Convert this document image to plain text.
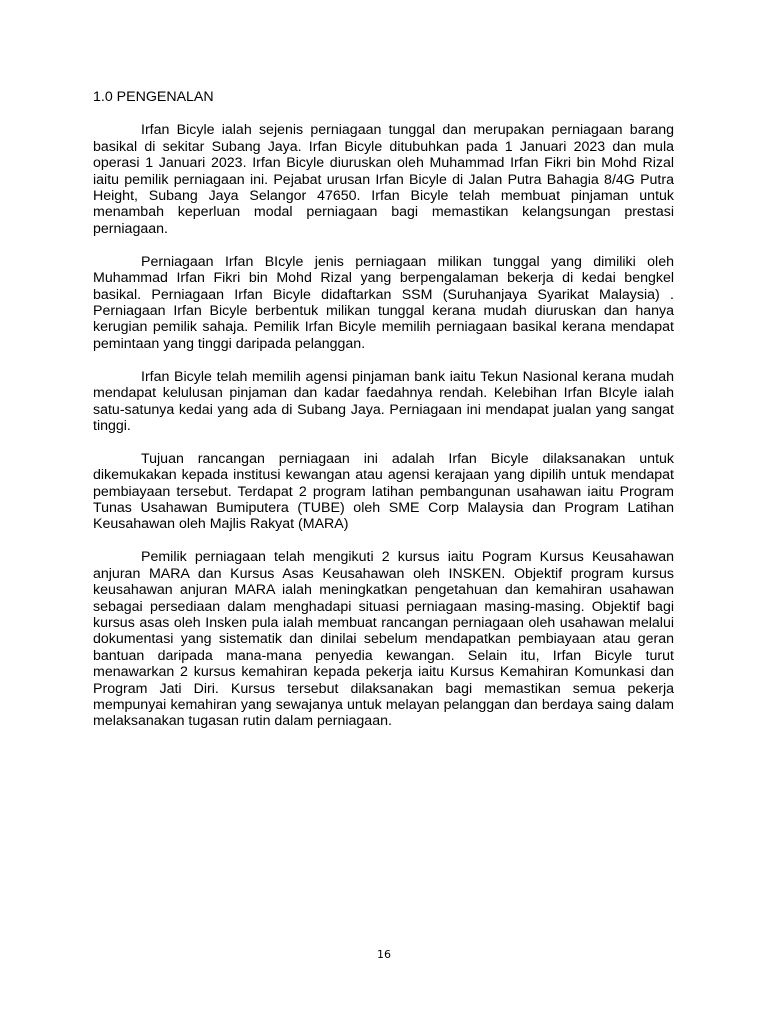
1.0 PENGENALAN

Irfan Bicyle ialah sejenis perniagaan tunggal dan merupakan perniagaan barang basikal di sekitar Subang Jaya. Irfan Bicyle ditubuhkan pada 1 Januari 2023 dan mula operasi 1 Januari 2023. Irfan Bicyle diuruskan oleh Muhammad Irfan Fikri bin Mohd Rizal iaitu pemilik perniagaan ini. Pejabat urusan Irfan Bicyle di Jalan Putra Bahagia 8/4G Putra Height, Subang Jaya Selangor 47650. Irfan Bicyle telah membuat pinjaman untuk menambah keperluan modal perniagaan bagi memastikan kelangsungan prestasi perniagaan.

Perniagaan Irfan BIcyle jenis perniagaan milikan tunggal yang dimiliki oleh Muhammad Irfan Fikri bin Mohd Rizal yang berpengalaman bekerja di kedai bengkel basikal. Perniagaan Irfan Bicyle didaftarkan SSM (Suruhanjaya Syarikat Malaysia) . Perniagaan Irfan Bicyle berbentuk milikan tunggal kerana mudah diuruskan dan hanya kerugian pemilik sahaja. Pemilik Irfan Bicyle memilih perniagaan basikal kerana mendapat pemintaan yang tinggi daripada pelanggan.

Irfan Bicyle telah memilih agensi pinjaman bank iaitu Tekun Nasional kerana mudah mendapat kelulusan pinjaman dan kadar faedahnya rendah. Kelebihan Irfan BIcyle ialah satu-satunya kedai yang ada di Subang Jaya. Perniagaan ini mendapat jualan yang sangat tinggi.

Tujuan rancangan perniagaan ini adalah Irfan Bicyle dilaksanakan untuk dikemukakan kepada institusi kewangan atau agensi kerajaan yang dipilih untuk mendapat pembiayaan tersebut. Terdapat 2 program latihan pembangunan usahawan iaitu Program Tunas Usahawan Bumiputera (TUBE) oleh SME Corp Malaysia dan Program Latihan Keusahawan oleh Majlis Rakyat (MARA)

Pemilik perniagaan telah mengikuti 2 kursus iaitu Pogram Kursus Keusahawan anjuran MARA dan Kursus Asas Keusahawan oleh INSKEN. Objektif program kursus keusahawan anjuran MARA ialah meningkatkan pengetahuan dan kemahiran usahawan sebagai persediaan dalam menghadapi situasi perniagaan masing-masing. Objektif bagi kursus asas oleh Insken pula ialah membuat rancangan perniagaan oleh usahawan melalui dokumentasi yang sistematik dan dinilai sebelum mendapatkan pembiayaan atau geran bantuan daripada mana-mana penyedia kewangan. Selain itu, Irfan Bicyle turut menawarkan 2 kursus kemahiran kepada pekerja iaitu Kursus Kemahiran Komunkasi dan Program Jati Diri. Kursus tersebut dilaksanakan bagi memastikan semua pekerja mempunyai kemahiran yang sewajanya untuk melayan pelanggan dan berdaya saing dalam melaksanakan tugasan rutin dalam perniagaan.

16
